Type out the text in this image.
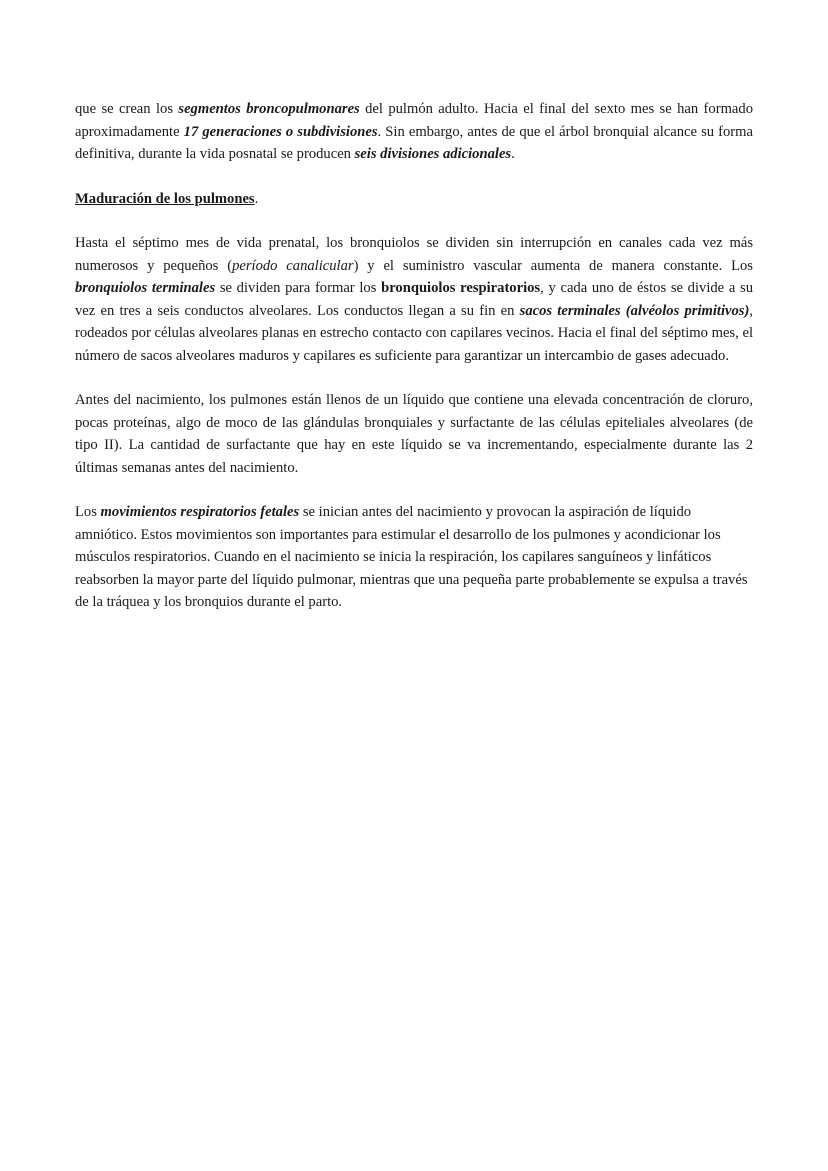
que se crean los segmentos broncopulmonares del pulmón adulto. Hacia el final del sexto mes se han formado aproximadamente 17 generaciones o subdivisiones. Sin embargo, antes de que el árbol bronquial alcance su forma definitiva, durante la vida posnatal se producen seis divisiones adicionales.

Maduración de los pulmones.

Hasta el séptimo mes de vida prenatal, los bronquiolos se dividen sin interrupción en canales cada vez más numerosos y pequeños (período canalicular) y el suministro vascular aumenta de manera constante. Los bronquiolos terminales se dividen para formar los bronquiolos respiratorios, y cada uno de éstos se divide a su vez en tres a seis conductos alveolares. Los conductos llegan a su fin en sacos terminales (alvéolos primitivos), rodeados por células alveolares planas en estrecho contacto con capilares vecinos. Hacia el final del séptimo mes, el número de sacos alveolares maduros y capilares es suficiente para garantizar un intercambio de gases adecuado.

Antes del nacimiento, los pulmones están llenos de un líquido que contiene una elevada concentración de cloruro, pocas proteínas, algo de moco de las glándulas bronquiales y surfactante de las células epiteliales alveolares (de tipo II). La cantidad de surfactante que hay en este líquido se va incrementando, especialmente durante las 2 últimas semanas antes del nacimiento.

Los movimientos respiratorios fetales se inician antes del nacimiento y provocan la aspiración de líquido amniótico. Estos movimientos son importantes para estimular el desarrollo de los pulmones y acondicionar los músculos respiratorios. Cuando en el nacimiento se inicia la respiración, los capilares sanguíneos y linfáticos reabsorben la mayor parte del líquido pulmonar, mientras que una pequeña parte probablemente se expulsa a través de la tráquea y los bronquios durante el parto.
